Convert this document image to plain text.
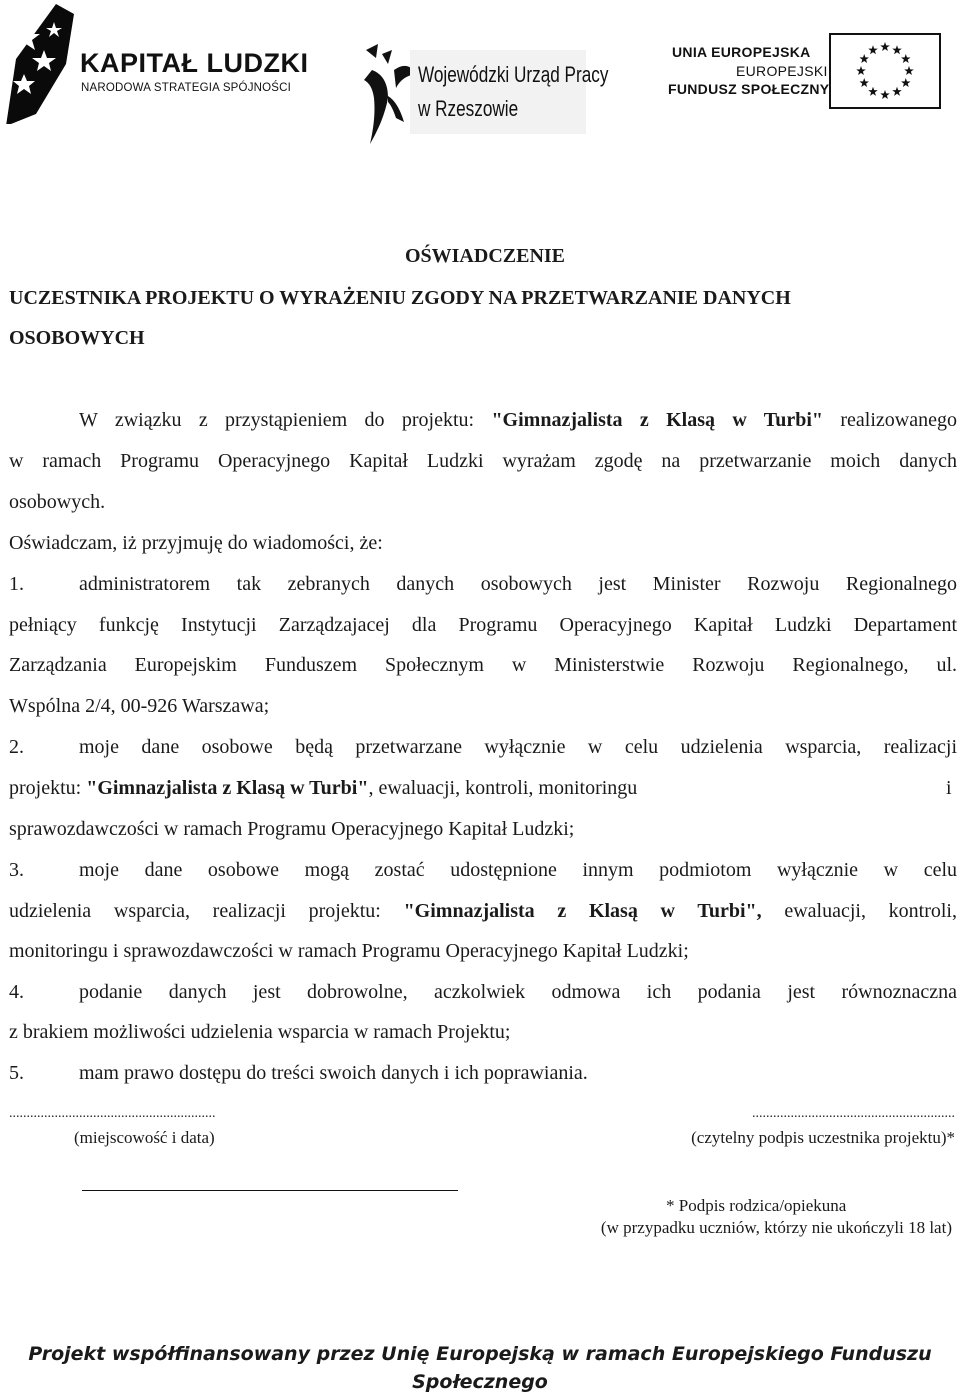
KAPITAŁ LUDZKI
NARODOWA STRATEGIA SPÓJNOŚCI
Wojewódzki Urząd Pracy
w Rzeszowie
UNIA EUROPEJSKA
EUROPEJSKI
FUNDUSZ SPOŁECZNY
OŚWIADCZENIE
UCZESTNIKA PROJEKTU O WYRAŻENIU ZGODY NA PRZETWARZANIE DANYCH
OSOBOWYCH
W związku z przystąpieniem do projektu: "Gimnazjalista z Klasą w Turbi" realizowanego
w ramach Programu Operacyjnego Kapitał Ludzki wyrażam zgodę na przetwarzanie moich danych
osobowych.
Oświadczam, iż przyjmuję do wiadomości, że:
1.	administratorem tak zebranych danych osobowych jest Minister Rozwoju Regionalnego
pełniący funkcję Instytucji Zarządzajacej dla Programu Operacyjnego Kapitał Ludzki Departament
Zarządzania Europejskim Funduszem Społecznym w Ministerstwie Rozwoju Regionalnego, ul.
Wspólna 2/4, 00-926 Warszawa;
2.	moje dane osobowe będą przetwarzane wyłącznie w celu udzielenia wsparcia, realizacji
projektu: "Gimnazjalista z Klasą w Turbi", ewaluacji, kontroli, monitoringu	i
sprawozdawczości w ramach Programu Operacyjnego Kapitał Ludzki;
3.	moje dane osobowe mogą zostać udostępnione innym podmiotom wyłącznie w celu
udzielenia wsparcia, realizacji projektu: "Gimnazjalista z Klasą w Turbi", ewaluacji, kontroli,
monitoringu i sprawozdawczości w ramach Programu Operacyjnego Kapitał Ludzki;
4.	podanie danych jest dobrowolne, aczkolwiek odmowa ich podania jest równoznaczna
z brakiem możliwości udzielenia wsparcia w ramach Projektu;
5.	mam prawo dostępu do treści swoich danych i ich poprawiania.
...........................................................	..........................................................
(miejscowość i data)	(czytelny podpis uczestnika projektu)*
* Podpis rodzica/opiekuna
(w przypadku uczniów, którzy nie ukończyli 18 lat)
Projekt współfinansowany przez Unię Europejską w ramach Europejskiego Funduszu
Społecznego
